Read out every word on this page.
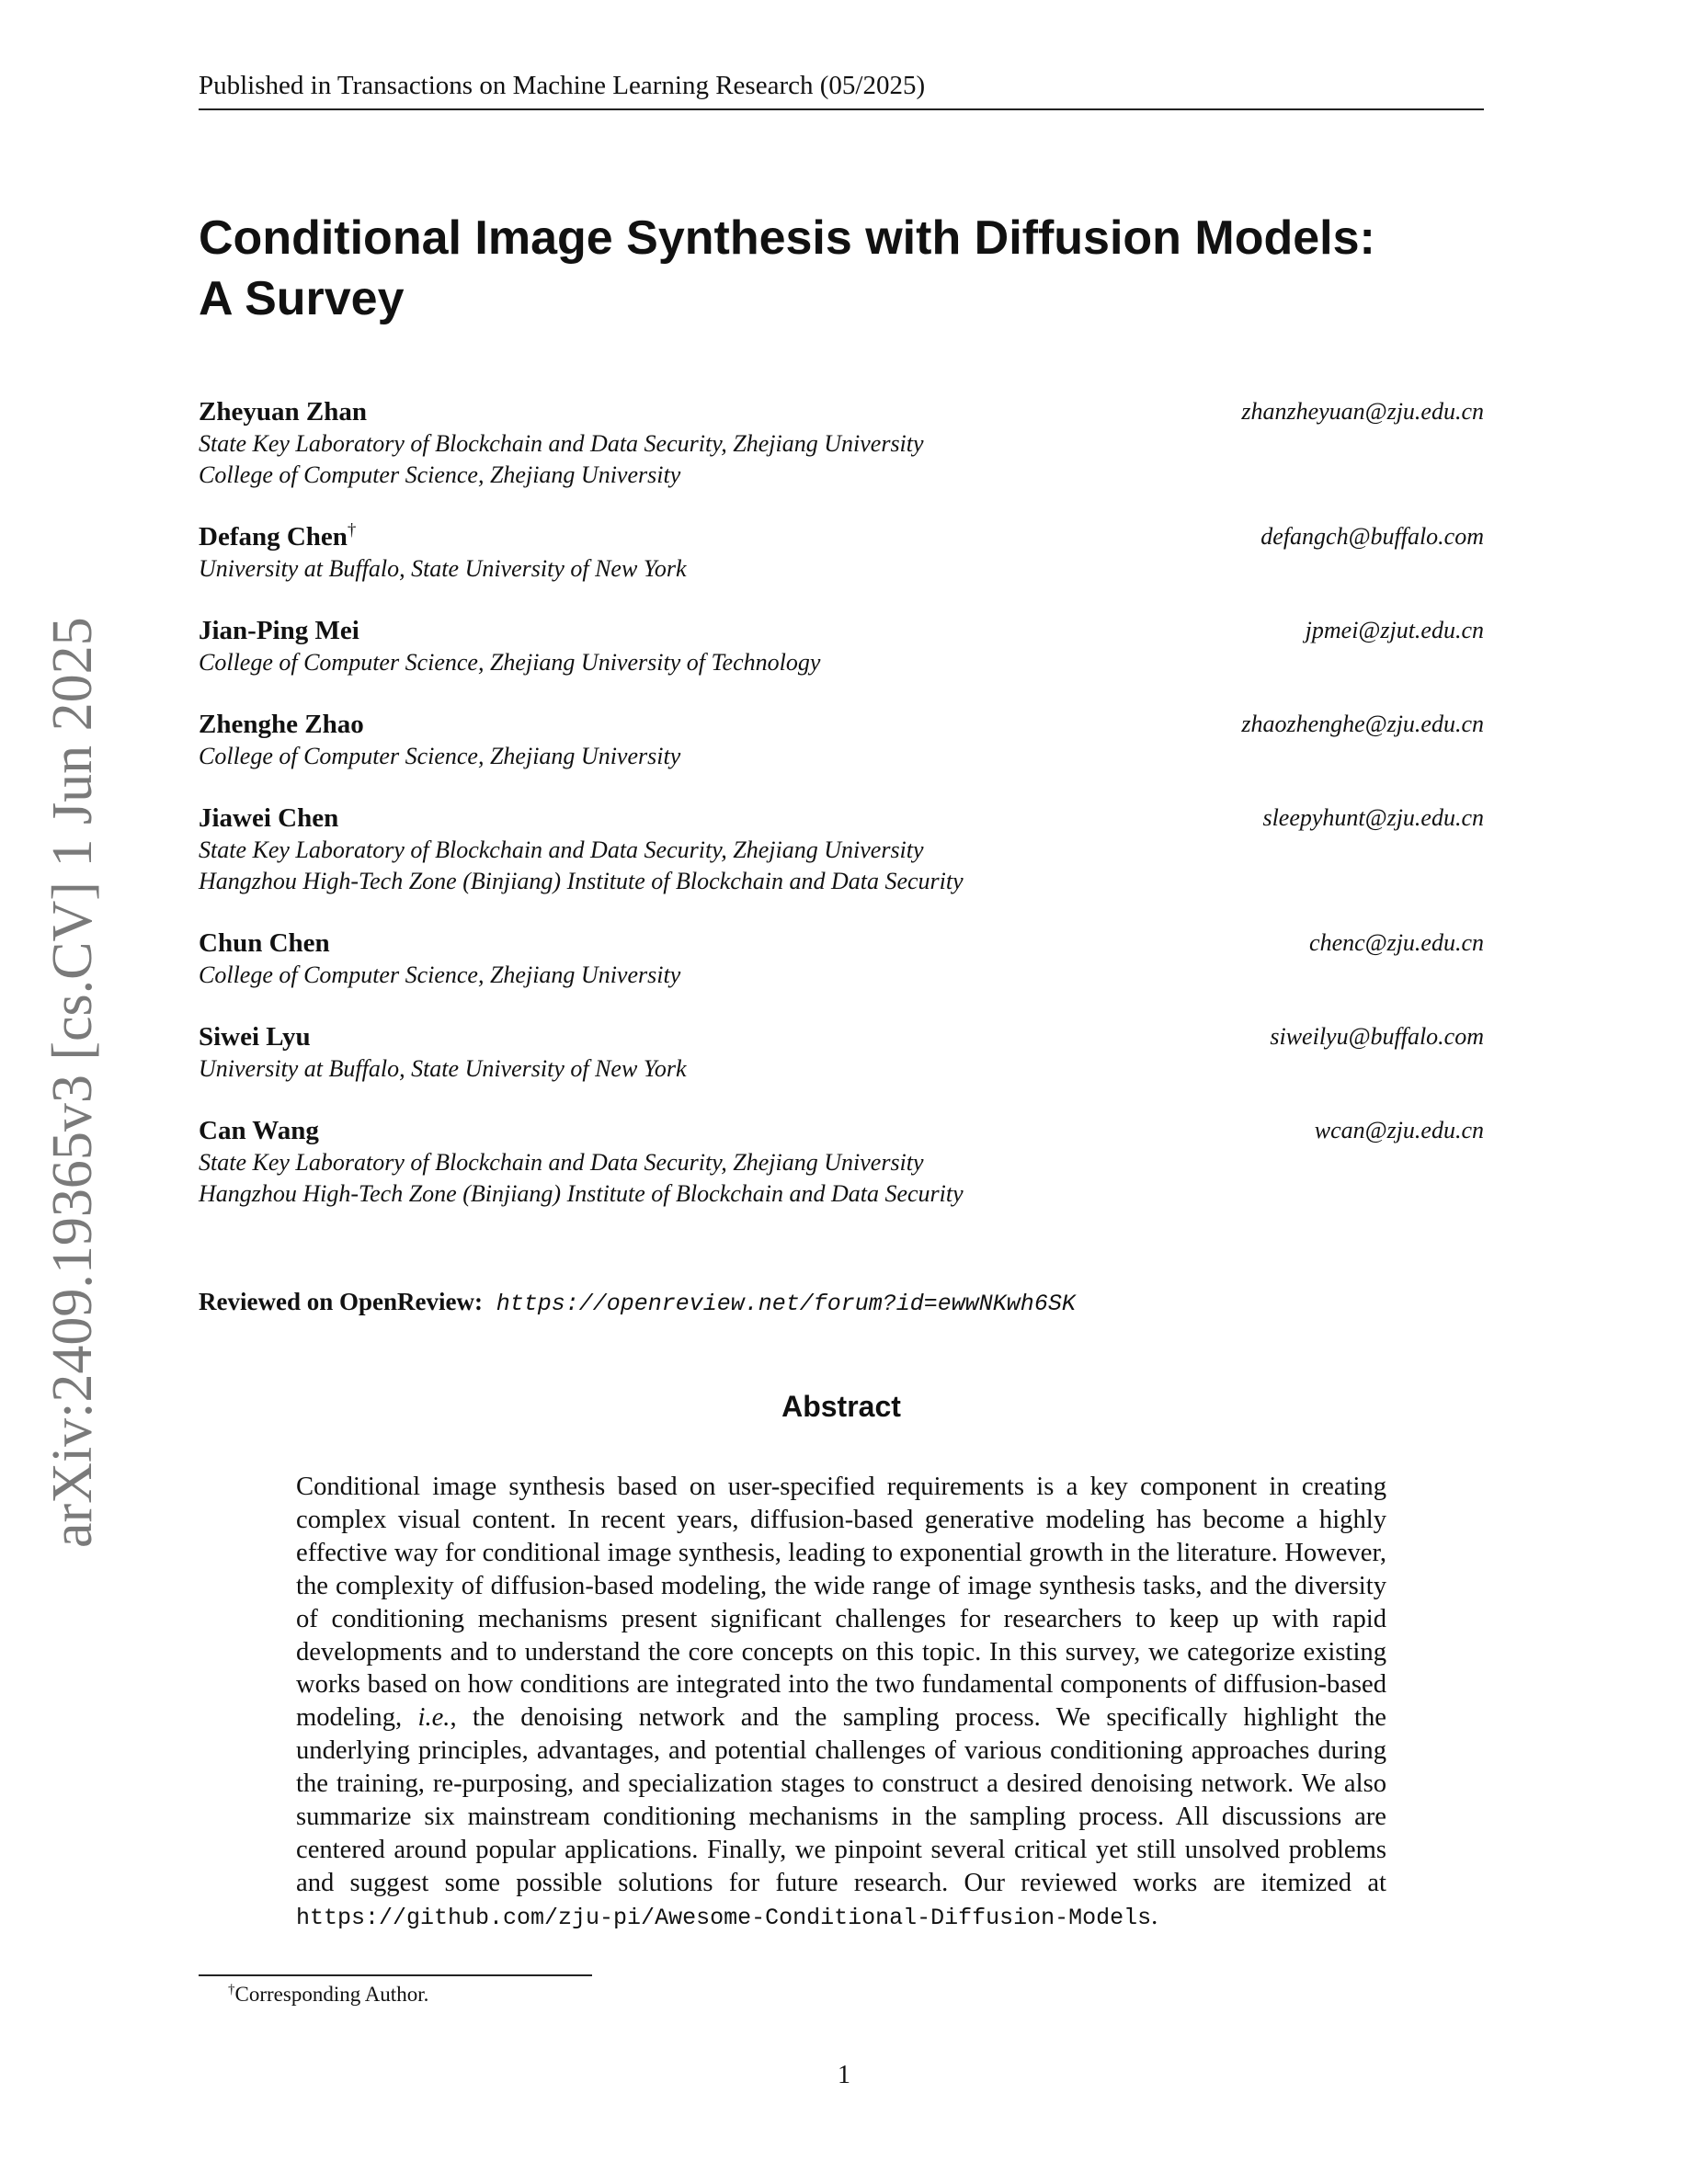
Published in Transactions on Machine Learning Research (05/2025)
arXiv:2409.19365v3 [cs.CV] 1 Jun 2025
Conditional Image Synthesis with Diffusion Models:
A Survey
Zheyuan Zhan	zhanzheyuan@zju.edu.cn
State Key Laboratory of Blockchain and Data Security, Zhejiang University
College of Computer Science, Zhejiang University
Defang Chen†	defangch@buffalo.com
University at Buffalo, State University of New York
Jian-Ping Mei	jpmei@zjut.edu.cn
College of Computer Science, Zhejiang University of Technology
Zhenghe Zhao	zhaozhenghe@zju.edu.cn
College of Computer Science, Zhejiang University
Jiawei Chen	sleepyhunt@zju.edu.cn
State Key Laboratory of Blockchain and Data Security, Zhejiang University
Hangzhou High-Tech Zone (Binjiang) Institute of Blockchain and Data Security
Chun Chen	chenc@zju.edu.cn
College of Computer Science, Zhejiang University
Siwei Lyu	siweilyu@buffalo.com
University at Buffalo, State University of New York
Can Wang	wcan@zju.edu.cn
State Key Laboratory of Blockchain and Data Security, Zhejiang University
Hangzhou High-Tech Zone (Binjiang) Institute of Blockchain and Data Security
Reviewed on OpenReview: https://openreview.net/forum?id=ewwNKwh6SK
Abstract

Conditional image synthesis based on user-specified requirements is a key component in creating complex visual content. In recent years, diffusion-based generative modeling has become a highly effective way for conditional image synthesis, leading to exponential growth in the literature. However, the complexity of diffusion-based modeling, the wide range of image synthesis tasks, and the diversity of conditioning mechanisms present significant challenges for researchers to keep up with rapid developments and to understand the core concepts on this topic. In this survey, we categorize existing works based on how conditions are integrated into the two fundamental components of diffusion-based modeling, i.e., the denoising network and the sampling process. We specifically highlight the underlying principles, advantages, and potential challenges of various conditioning approaches during the training, re-purposing, and specialization stages to construct a desired denoising network. We also summarize six mainstream conditioning mechanisms in the sampling process. All discussions are centered around popular applications. Finally, we pinpoint several critical yet still unsolved problems and suggest some possible solutions for future research. Our reviewed works are itemized at https://github.com/zju-pi/Awesome-Conditional-Diffusion-Models.

†Corresponding Author.
1
